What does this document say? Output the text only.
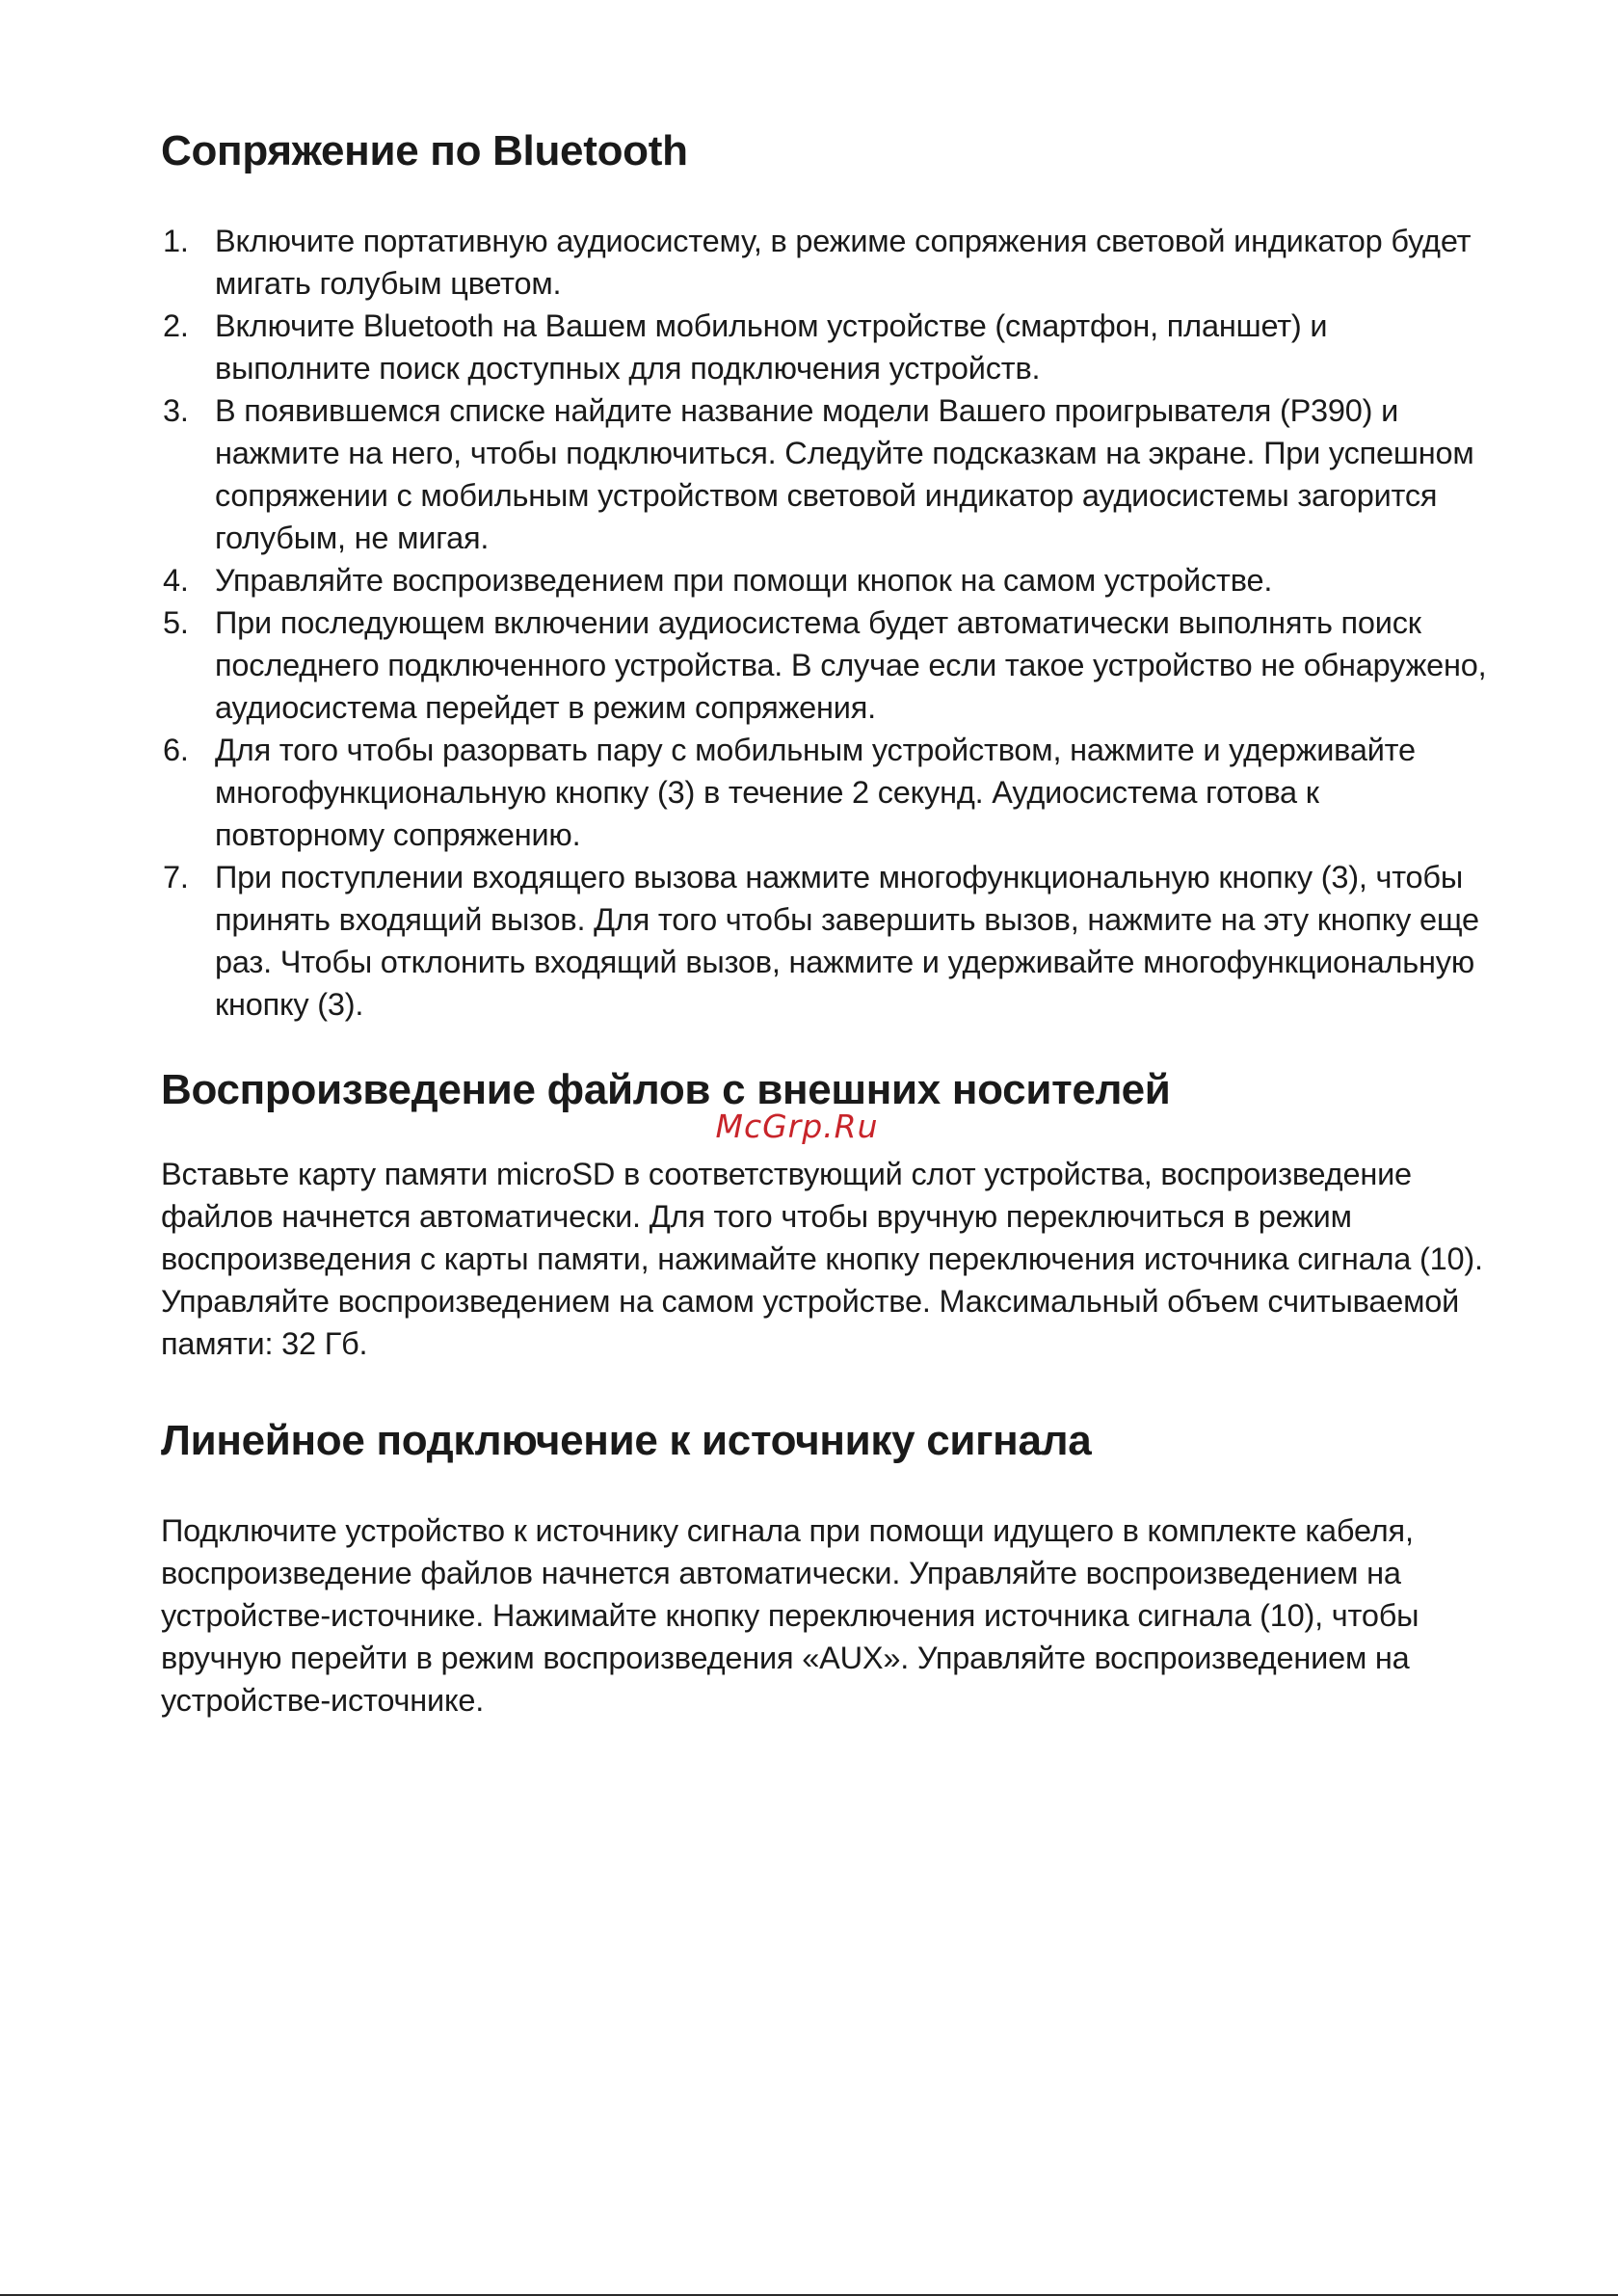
Сопряжение по Bluetooth
1. Включите портативную аудиосистему, в режиме сопряжения световой индикатор будет мигать голубым цветом.
2. Включите Bluetooth на Вашем мобильном устройстве (смартфон, планшет) и выполните поиск доступных для подключения устройств.
3. В появившемся списке найдите название модели Вашего проигрывателя (P390) и нажмите на него, чтобы подключиться. Следуйте подсказкам на экране. При успешном сопряжении с мобильным устройством световой индикатор аудиосистемы загорится голубым, не мигая.
4. Управляйте воспроизведением при помощи кнопок на самом устройстве.
5. При последующем включении аудиосистема будет автоматически выполнять поиск последнего подключенного устройства. В случае если такое устройство не обнаружено, аудиосистема перейдет в режим сопряжения.
6. Для того чтобы разорвать пару с мобильным устройством, нажмите и удерживайте многофункциональную кнопку (3) в течение 2 секунд. Аудиосистема готова к повторному сопряжению.
7. При поступлении входящего вызова нажмите многофункциональную кнопку (3), чтобы принять входящий вызов. Для того чтобы завершить вызов, нажмите на эту кнопку еще раз. Чтобы отклонить входящий вызов, нажмите и удерживайте многофункциональную кнопку (3).
Воспроизведение файлов с внешних носителей
McGrp.Ru

Вставьте карту памяти microSD в соответствующий слот устройства, воспроизведение файлов начнется автоматически. Для того чтобы вручную переключиться в режим воспроизведения с карты памяти, нажимайте кнопку переключения источника сигнала (10). Управляйте воспроизведением на самом устройстве. Максимальный объем считываемой памяти: 32 Гб.

Линейное подключение к источнику сигнала

Подключите устройство к источнику сигнала при помощи идущего в комплекте кабеля, воспроизведение файлов начнется автоматически. Управляйте воспроизведением на устройстве-источнике. Нажимайте кнопку переключения источника сигнала (10), чтобы вручную перейти в режим воспроизведения «AUX». Управляйте воспроизведением на устройстве-источнике.
